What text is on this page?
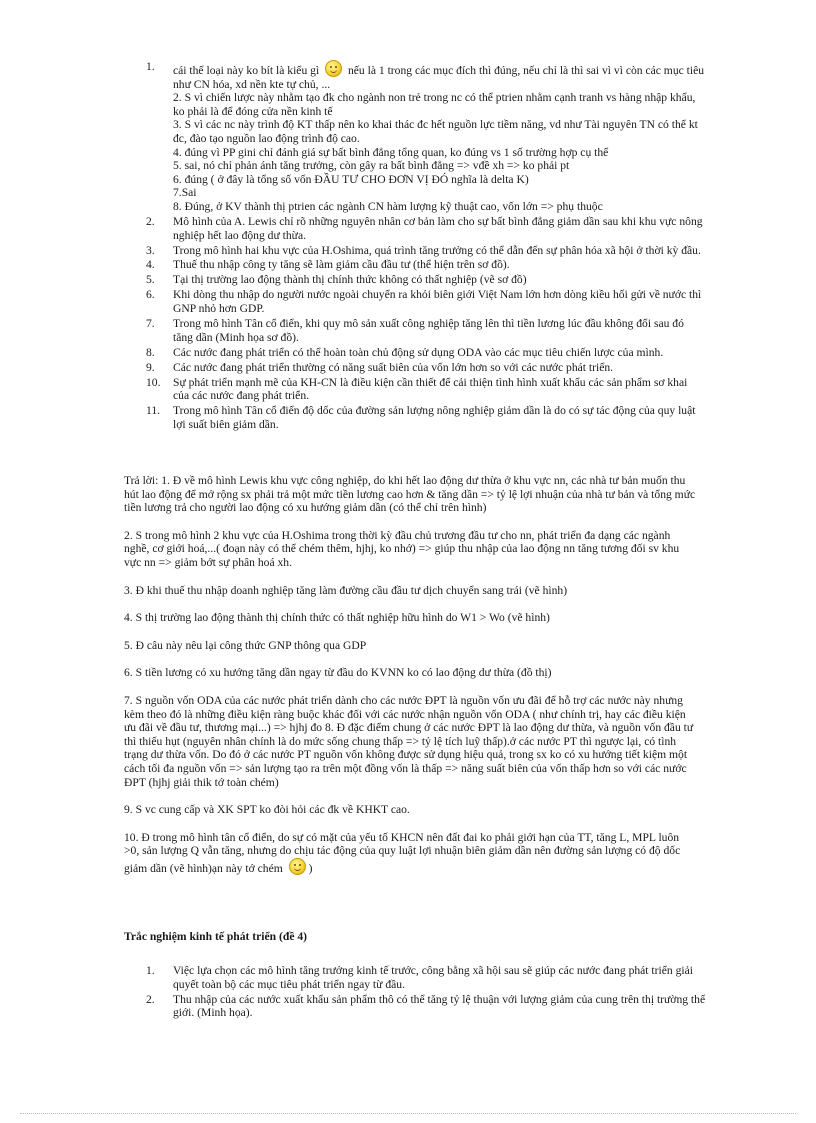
1. cái thể loại này ko bít là kiểu gì  nếu là 1 trong các mục đích thì đúng, nếu chỉ là thì sai vì vì còn các mục tiêu như CN hóa, xd nền kte tự chủ, ...
2. S vì chiến lược này nhằm tạo đk cho ngành non trẻ trong nc có thể ptrien nhằm cạnh tranh vs hàng nhập khẩu, ko phải là để đóng cửa nền kinh tế
3. S vì các nc này trình độ KT thấp nên ko khai thác đc hết nguồn lực tiềm năng, vd như Tài nguyên TN có thể kt đc, đào tạo nguồn lao động trình độ cao.
4. đúng vì PP gini chỉ đánh giá sự bất bình đẳng tổng quan, ko đúng vs 1 số trường hợp cụ thể
5. sai, nó chỉ phản ánh tăng trưởng, còn gây ra bất bình đẳng => vđề xh => ko phải pt
6. đúng ( ở đây là tổng số vốn ĐẦU TƯ CHO ĐƠN VỊ ĐÓ nghĩa là delta K)
7.Sai
8. Đúng, ở KV thành thị ptrien các ngành CN hàm lượng kỹ thuật cao, vốn lớn => phụ thuộc
2. Mô hình của A. Lewis chỉ rõ những nguyên nhân cơ bản làm cho sự bất bình đẳng giảm dần sau khi khu vực nông nghiệp hết lao động dư thừa.
3. Trong mô hình hai khu vực của H.Oshima, quá trình tăng trưởng có thể dẫn đến sự phân hóa xã hội ở thời kỳ đầu.
4. Thuế thu nhập công ty tăng sẽ làm giảm cầu đầu tư (thể hiện trên sơ đồ).
5. Tại thị trường lao động thành thị chính thức không có thất nghiệp (vẽ sơ đồ)
6. Khi dòng thu nhập do người nước ngoài chuyển ra khỏi biên giới Việt Nam lớn hơn dòng kiều hối gửi về nước thì GNP nhỏ hơn GDP.
7. Trong mô hình Tân cổ điển, khi quy mô sản xuất công nghiệp tăng lên thì tiền lương lúc đầu không đổi sau đó tăng dần (Minh họa sơ đồ).
8. Các nước đang phát triển có thể hoàn toàn chủ động sử dụng ODA vào các mục tiêu chiến lược của mình.
9. Các nước đang phát triển thường có năng suất biên của vốn lớn hơn so với các nước phát triển.
10. Sự phát triển mạnh mẽ của KH-CN là điều kiện cần thiết để cải thiện tình hình xuất khẩu các sản phẩm sơ khai của các nước đang phát triển.
11. Trong mô hình Tân cổ điển độ dốc của đường sản lượng nông nghiệp giảm dần là do có sự tác động của quy luật lợi suất biên giảm dần.

Trả lời: 1. Đ về mô hình Lewis khu vực công nghiệp, do khi hết lao động dư thừa ở khu vực nn, các nhà tư bản muốn thu hút lao động để mở rộng sx phải trả một mức tiền lương cao hơn & tăng dần => tỷ lệ lợi nhuận của nhà tư bản và tổng mức tiền lương trả cho người lao động có xu hướng giảm dần (có thể chỉ trên hình)

2. S trong mô hình 2 khu vực của H.Oshima trong thời kỳ đầu chủ trương đầu tư cho nn, phát triển đa dạng các ngành nghề, cơ giới hoá,...( đoạn này có thể chém thêm, hjhj, ko nhớ) => giúp thu nhập của lao động nn tăng tương đối sv khu vực nn => giảm bớt sự phân hoá xh.

3. Đ khi thuế thu nhập doanh nghiệp tăng làm đường cầu đầu tư dịch chuyển sang trái (vẽ hình)

4. S thị trường lao động thành thị chính thức có thất nghiệp hữu hình do W1 > Wo (vẽ hình)

5. Đ câu này nêu lại công thức GNP thông qua GDP

6. S tiền lương có xu hướng tăng dần ngay từ đầu do KVNN ko có lao động dư thừa (đồ thị)

7. S nguồn vốn ODA của các nước phát triển dành cho các nước ĐPT là nguồn vốn ưu đãi để hỗ trợ các nước này nhưng kèm theo đó là những điều kiện ràng buộc khác đối với các nước nhận nguồn vốn ODA ( như chính trị, hay các điều kiện ưu đãi về đầu tư, thương mại...) => hjhj đo 8. Đ đặc điểm chung ở các nước ĐPT là lao động dư thừa, và nguồn vốn đầu tư thì thiếu hụt (nguyên nhân chính là do mức sống chung thấp => tỷ lệ tích luỹ thấp).ở các nước PT thì ngược lại, có tình trạng dư thừa vốn. Do đó ở các nước PT nguồn vốn không được sử dụng hiệu quả, trong sx ko có xu hướng tiết kiệm một cách tối đa nguồn vốn => sản lượng tạo ra trên một đồng vốn là thấp => năng suất biên của vốn thấp hơn so với các nước ĐPT (hjhj giải thik tớ toàn chém)

9. S vc cung cấp và XK SPT ko đòi hỏi các đk về KHKT cao.

10. Đ trong mô hình tân cổ điển, do sự có mặt của yếu tố KHCN nên đất đai ko phải giới hạn của TT, tăng L, MPL luôn >0, sản lượng Q vẫn tăng, nhưng do chịu tác động của quy luật lợi nhuận biên giảm dần nên đường sản lượng có độ dốc giảm dần (vẽ hình)ạn này tớ chém )

Trắc nghiệm kinh tế phát triển (đề 4)

1. Việc lựa chọn các mô hình tăng trưởng kinh tế trước, công bằng xã hội sau sẽ giúp các nước đang phát triển giải quyết toàn bộ các mục tiêu phát triển ngay từ đầu.
2. Thu nhập của các nước xuất khẩu sản phẩm thô có thể tăng tỷ lệ thuận với lượng giảm của cung trên thị trường thế giới. (Minh họa).
